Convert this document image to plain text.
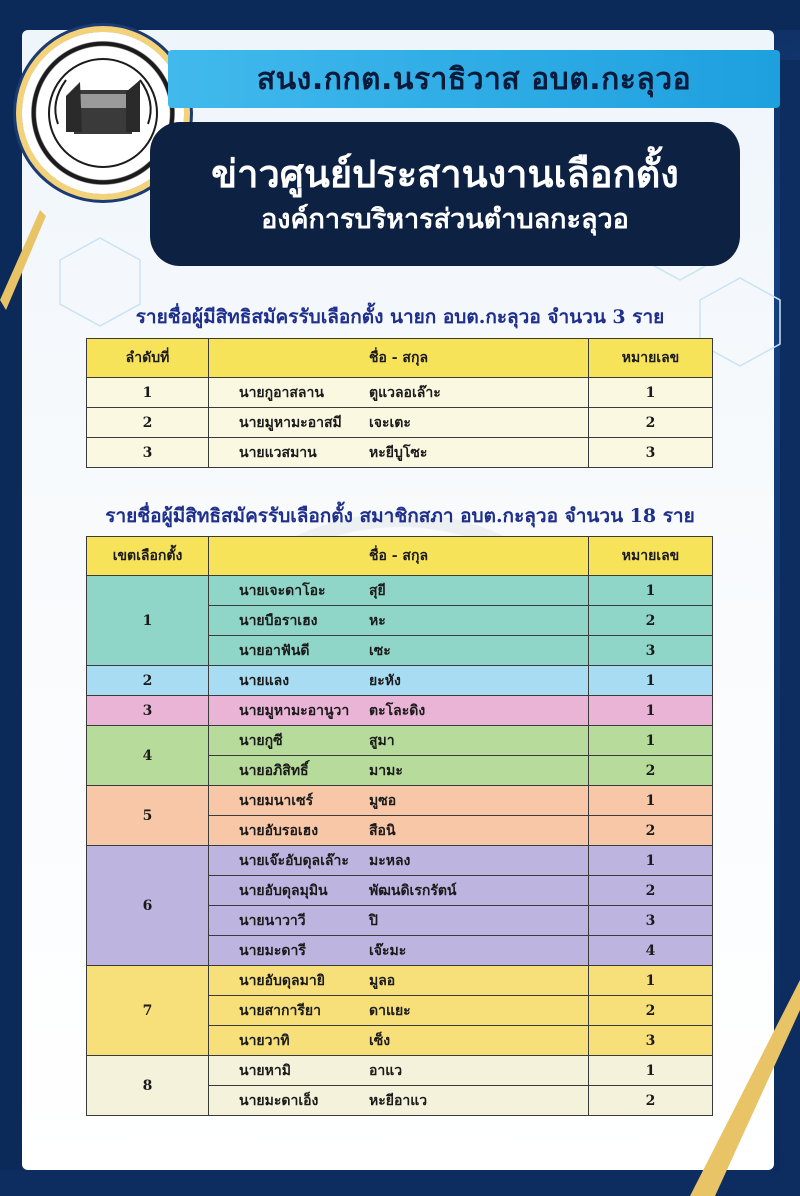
สนง.กกต.นราธิวาส อบต.กะลุวอ
ข่าวศูนย์ประสานงานเลือกตั้ง
องค์การบริหารส่วนตำบลกะลุวอ
รายชื่อผู้มีสิทธิสมัครรับเลือกตั้ง นายก อบต.กะลุวอ จำนวน 3 ราย
ลำดับที่	ชื่อ - สกุล	หมายเลข
1	นายกูอาสลาน ตูแวลอเล๊าะ	1
2	นายมูหามะอาสมี เจะเตะ	2
3	นายแวสมาน หะยีบูโซะ	3
รายชื่อผู้มีสิทธิสมัครรับเลือกตั้ง สมาชิกสภา อบต.กะลุวอ จำนวน 18 ราย
เขตเลือกตั้ง	ชื่อ - สกุล	หมายเลข
1	นายเจะดาโอะ สุยี	1
	นายบือราเฮง หะ	2
	นายอาฟันดี เซะ	3
2	นายแลง ยะหัง	1
3	นายมูหามะอานูวา ตะโละดิง	1
4	นายกูซี สูมา	1
	นายอภิสิทธิ์ มามะ	2
5	นายมนาเซร์ มูซอ	1
	นายอับรอเฮง สือนิ	2
6	นายเจ๊ะอับดุลเล๊าะ มะหลง	1
	นายอับดุลมุมิน พัฒนดิเรกรัตน์	2
	นายนาวาวี ปิ	3
	นายมะดารี เจ๊ะมะ	4
7	นายอับดุลมายิ มูลอ	1
	นายสาการียา ดาแยะ	2
	นายวาทิ เซ็ง	3
8	นายหามิ อาแว	1
	นายมะดาเอ็ง หะยีอาแว	2
